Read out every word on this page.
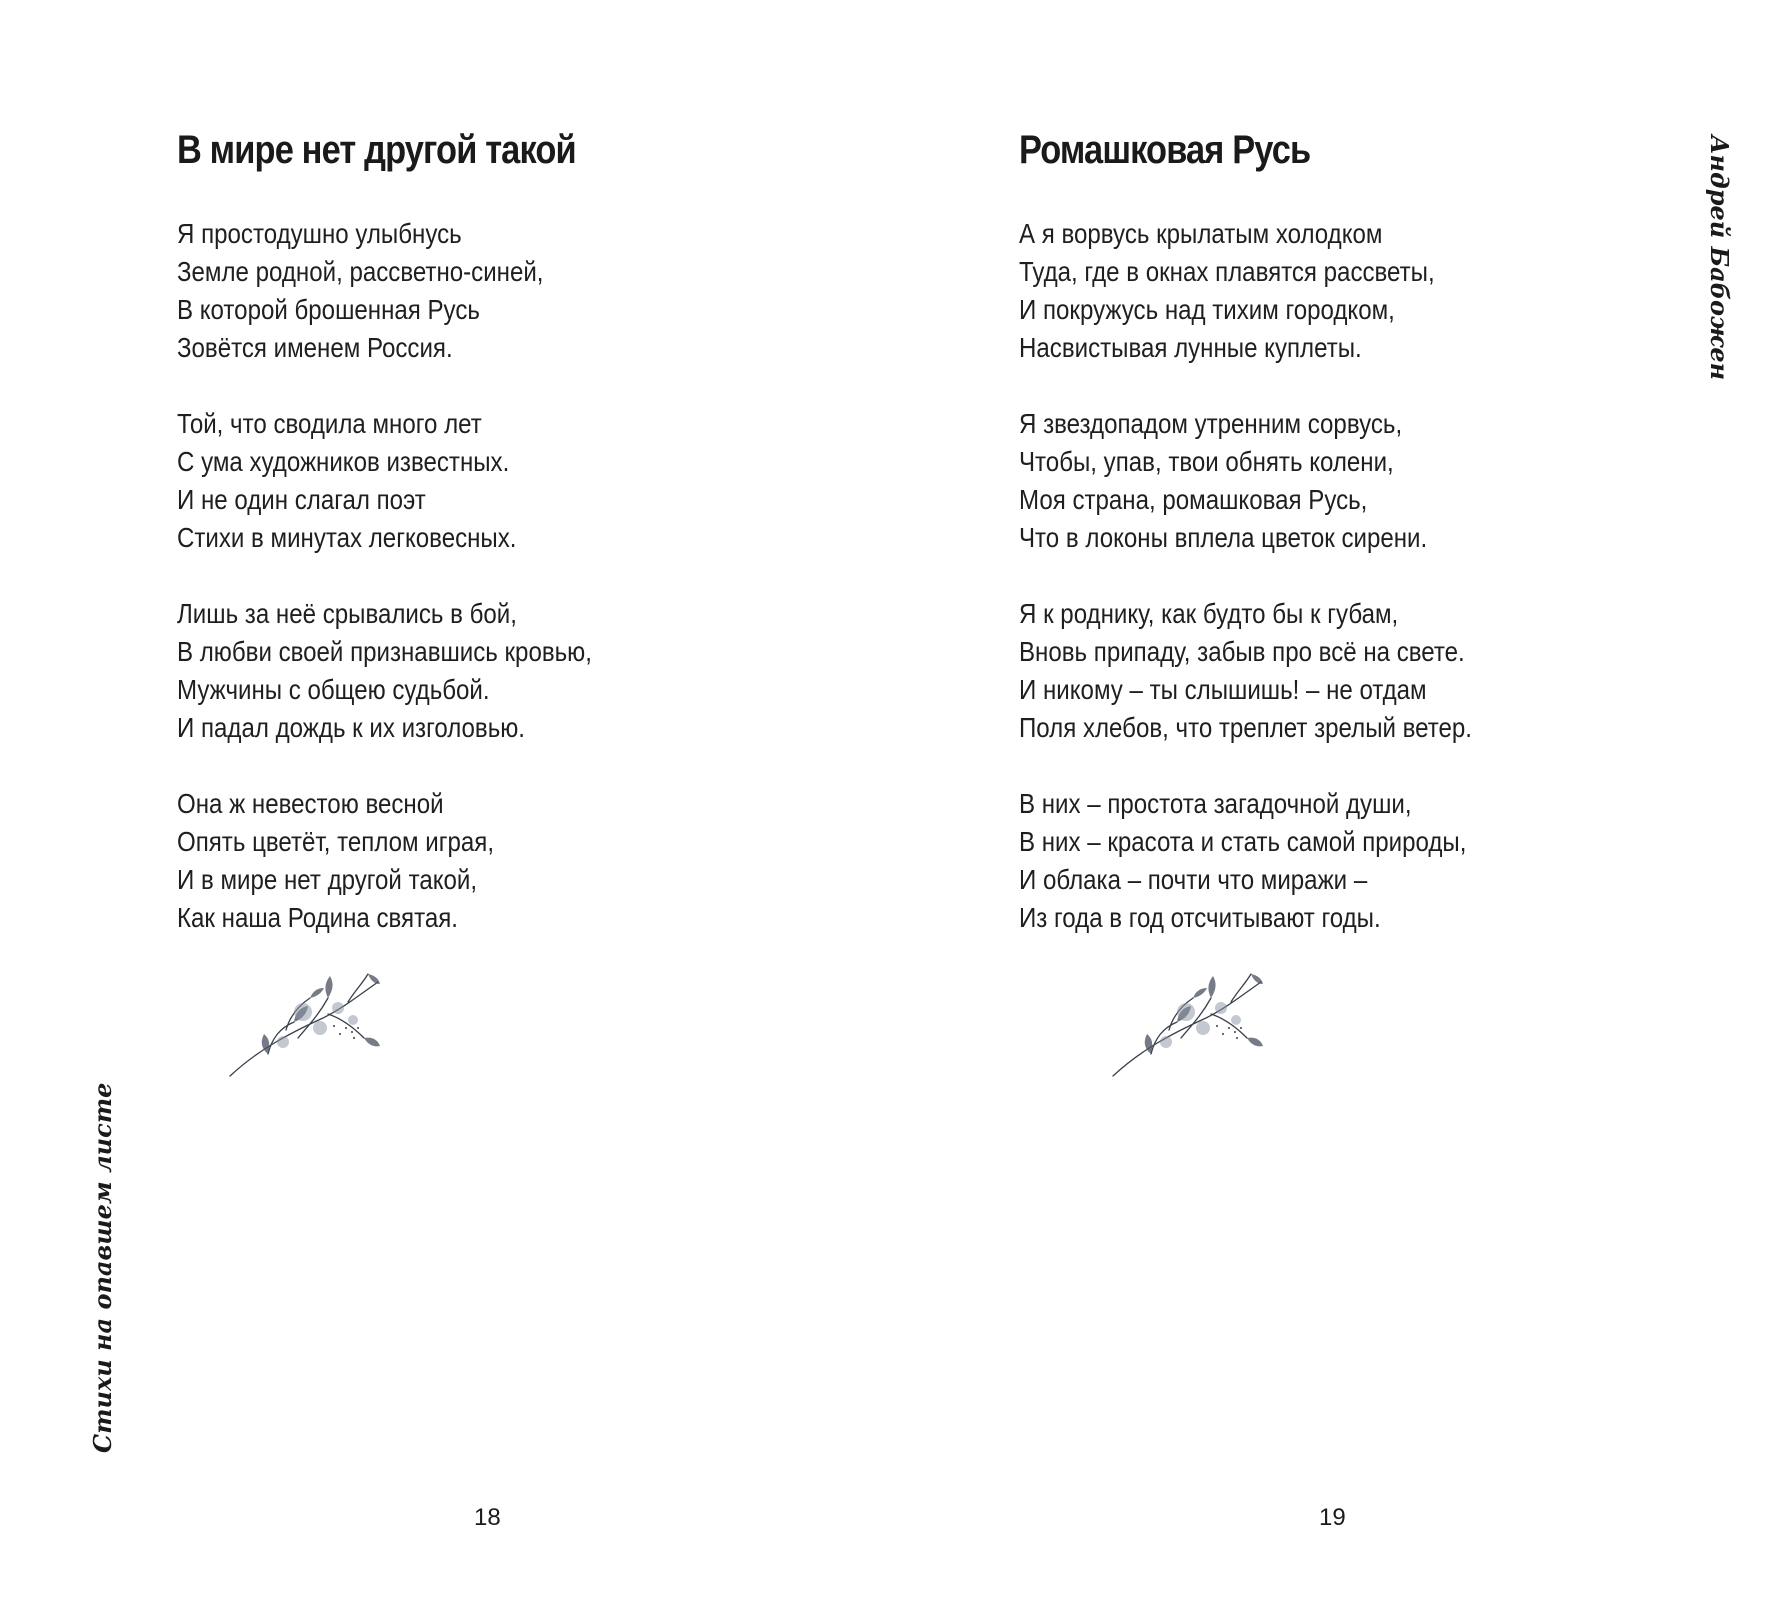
В мире нет другой такой
Я простодушно улыбнусь
Земле родной, рассветно-синей,
В которой брошенная Русь
Зовётся именем Россия.
Той, что сводила много лет
С ума художников известных.
И не один слагал поэт
Стихи в минутах легковесных.
Лишь за неё срывались в бой,
В любви своей признавшись кровью,
Мужчины с общею судьбой.
И падал дождь к их изголовью.
Она ж невестою весной
Опять цветёт, теплом играя,
И в мире нет другой такой,
Как наша Родина святая.
Стихи на опавшем листе
18
Ромашковая Русь
А я ворвусь крылатым холодком
Туда, где в окнах плавятся рассветы,
И покружусь над тихим городком,
Насвистывая лунные куплеты.
Я звездопадом утренним сорвусь,
Чтобы, упав, твои обнять колени,
Моя страна, ромашковая Русь,
Что в локоны вплела цветок сирени.
Я к роднику, как будто бы к губам,
Вновь припаду, забыв про всё на свете.
И никому – ты слышишь! – не отдам
Поля хлебов, что треплет зрелый ветер.
В них – простота загадочной души,
В них – красота и стать самой природы,
И облака – почти что миражи –
Из года в год отсчитывают годы.
19
Андрей Бабожен
